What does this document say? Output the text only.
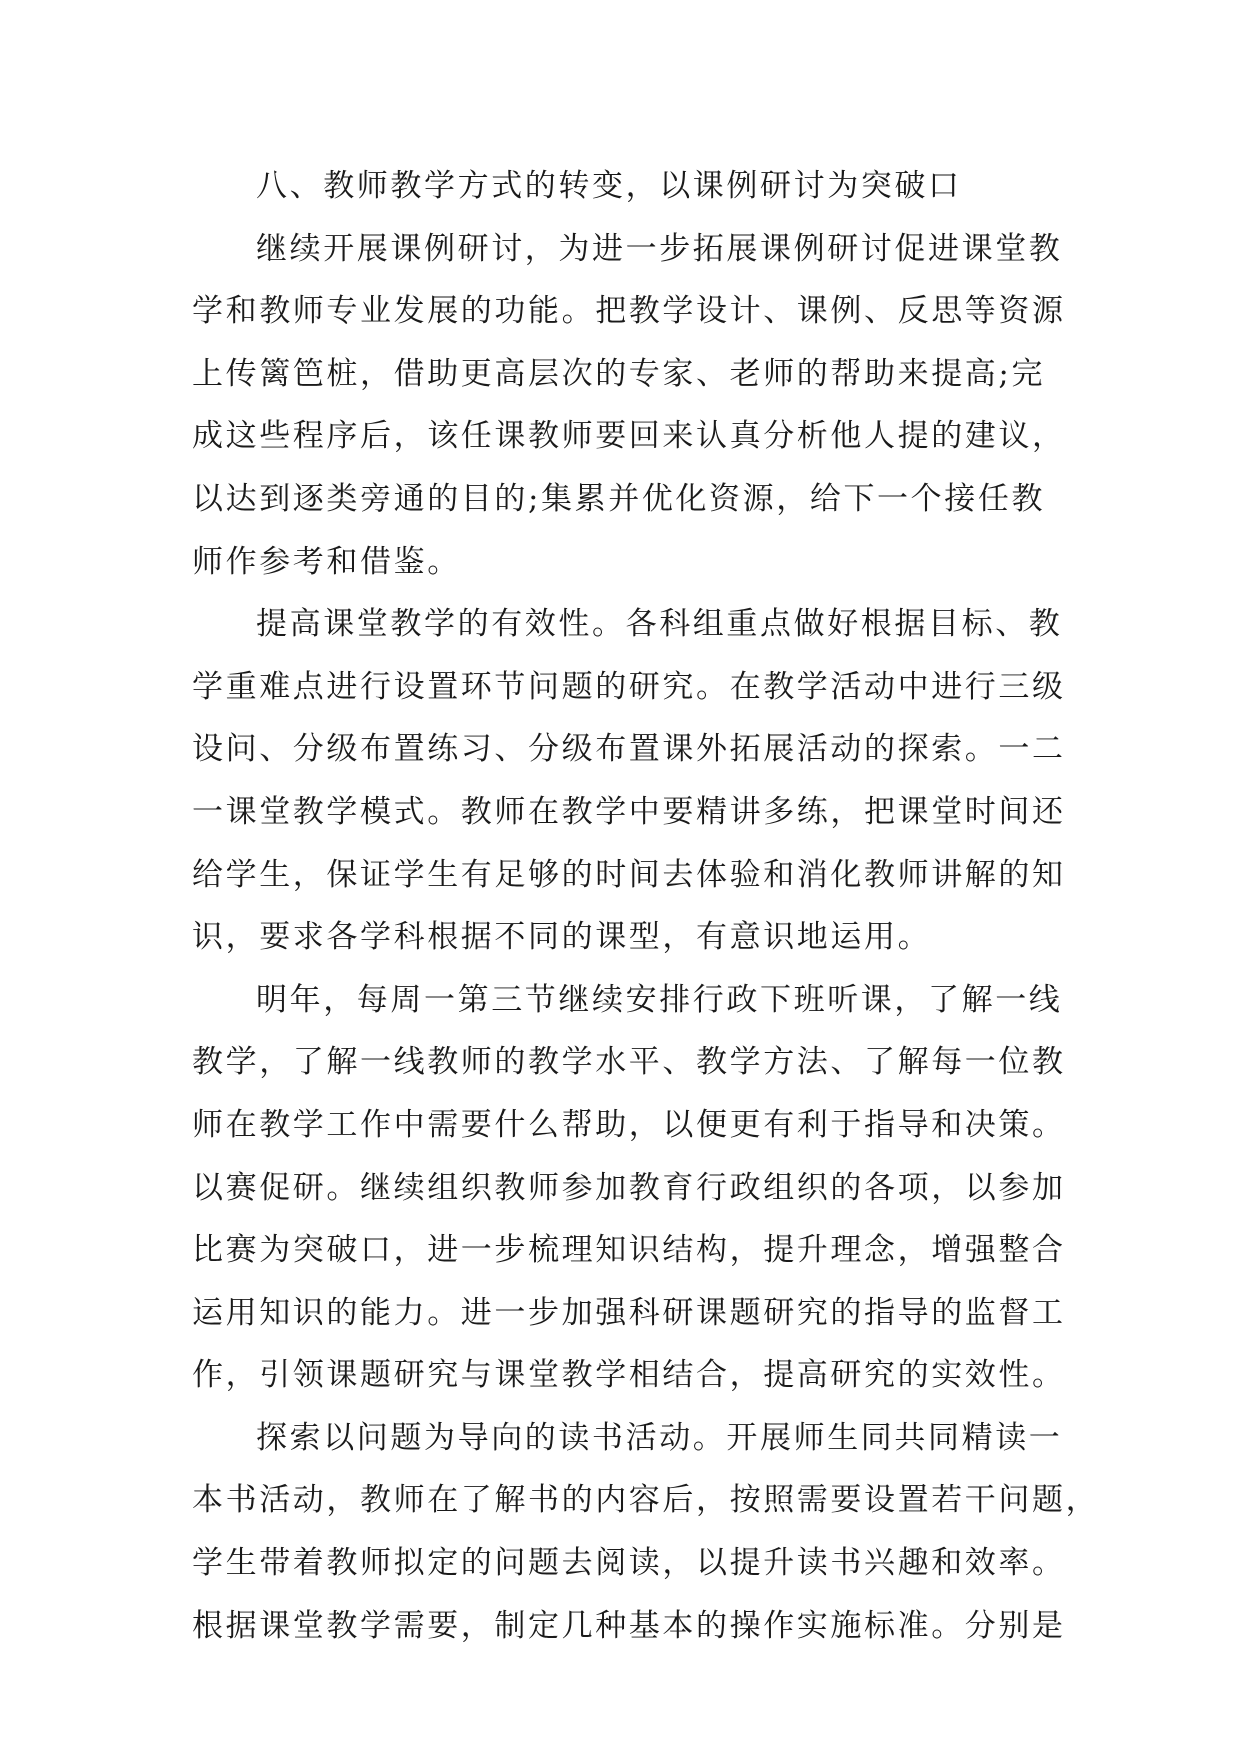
八、教师教学方式的转变，以课例研讨为突破口
继续开展课例研讨，为进一步拓展课例研讨促进课堂教
学和教师专业发展的功能。把教学设计、课例、反思等资源
上传篱笆桩，借助更高层次的专家、老师的帮助来提高;完
成这些程序后，该任课教师要回来认真分析他人提的建议，
以达到逐类旁通的目的;集累并优化资源，给下一个接任教
师作参考和借鉴。
提高课堂教学的有效性。各科组重点做好根据目标、教
学重难点进行设置环节问题的研究。在教学活动中进行三级
设问、分级布置练习、分级布置课外拓展活动的探索。一二
一课堂教学模式。教师在教学中要精讲多练，把课堂时间还
给学生，保证学生有足够的时间去体验和消化教师讲解的知
识，要求各学科根据不同的课型，有意识地运用。
明年，每周一第三节继续安排行政下班听课，了解一线
教学，了解一线教师的教学水平、教学方法、了解每一位教
师在教学工作中需要什么帮助，以便更有利于指导和决策。
以赛促研。继续组织教师参加教育行政组织的各项，以参加
比赛为突破口，进一步梳理知识结构，提升理念，增强整合
运用知识的能力。进一步加强科研课题研究的指导的监督工
作，引领课题研究与课堂教学相结合，提高研究的实效性。
探索以问题为导向的读书活动。开展师生同共同精读一
本书活动，教师在了解书的内容后，按照需要设置若干问题，
学生带着教师拟定的问题去阅读，以提升读书兴趣和效率。
根据课堂教学需要，制定几种基本的操作实施标准。分别是
